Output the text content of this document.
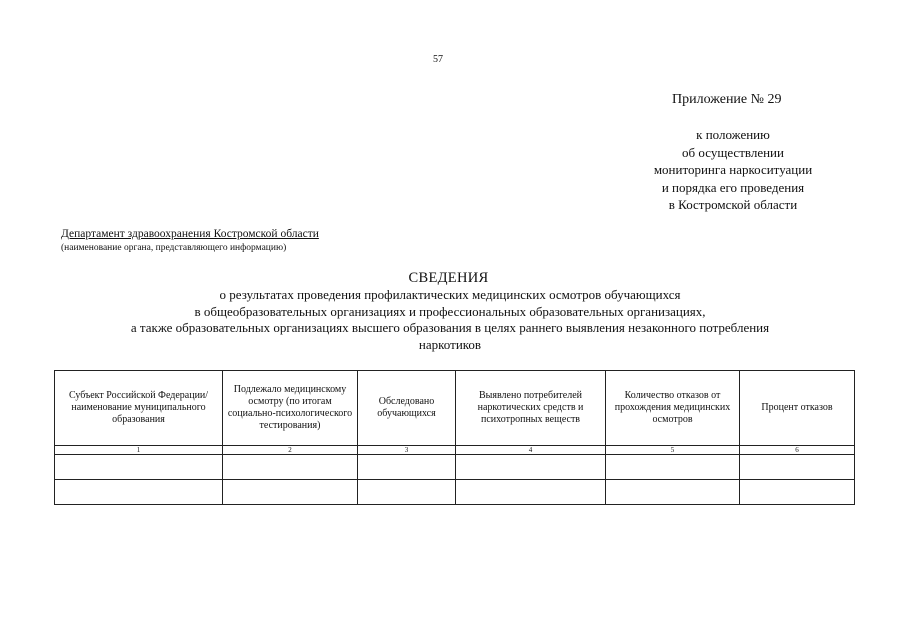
57
Приложение № 29
к положению
об осуществлении
мониторинга наркоситуации
и порядка его проведения
в Костромской области
Департамент здравоохранения Костромской области
(наименование органа, представляющего информацию)
СВЕДЕНИЯ
о результатах проведения профилактических медицинских осмотров обучающихся
в общеобразовательных организациях и профессиональных образовательных организациях,
а также образовательных организациях высшего образования в целях раннего выявления незаконного потребления
наркотиков
Субъект Российской Федерации/ наименование муниципального образования	Подлежало медицинскому осмотру (по итогам социально-психологического тестирования)	Обследовано обучающихся	Выявлено потребителей наркотических средств и психотропных веществ	Количество отказов от прохождения медицинских осмотров	Процент отказов
1	2	3	4	5	6
